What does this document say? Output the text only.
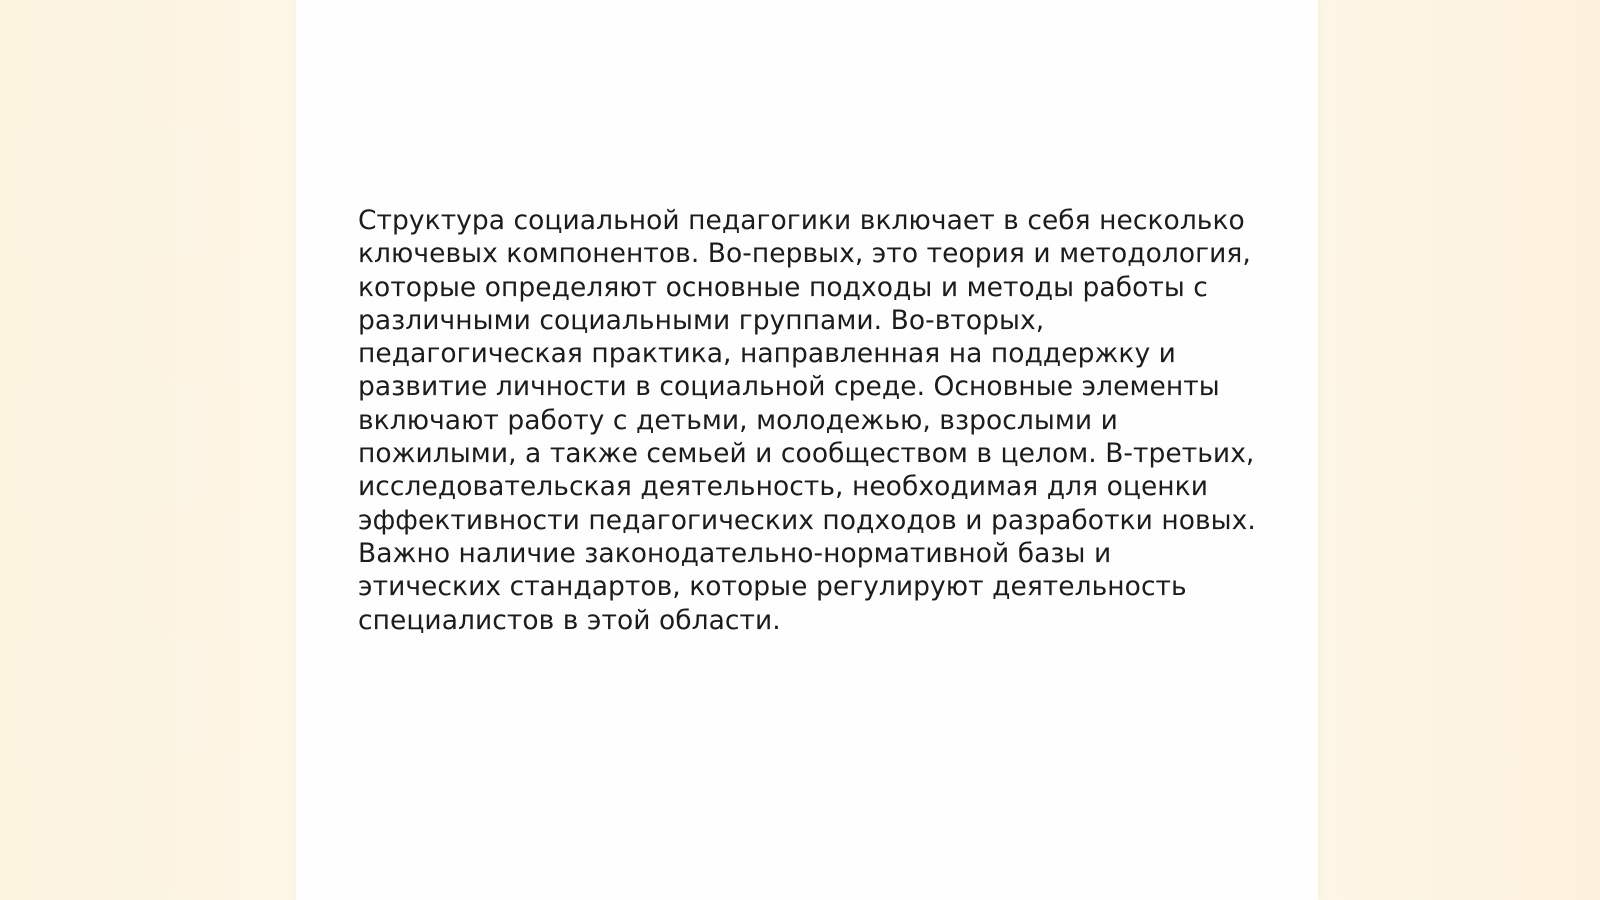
Структура социальной педагогики включает в себя несколько
ключевых компонентов. Во-первых, это теория и методология,
которые определяют основные подходы и методы работы с
различными социальными группами. Во-вторых,
педагогическая практика, направленная на поддержку и
развитие личности в социальной среде. Основные элементы
включают работу с детьми, молодежью, взрослыми и
пожилыми, а также семьей и сообществом в целом. В-третьих,
исследовательская деятельность, необходимая для оценки
эффективности педагогических подходов и разработки новых.
Важно наличие законодательно-нормативной базы и
этических стандартов, которые регулируют деятельность
специалистов в этой области.
